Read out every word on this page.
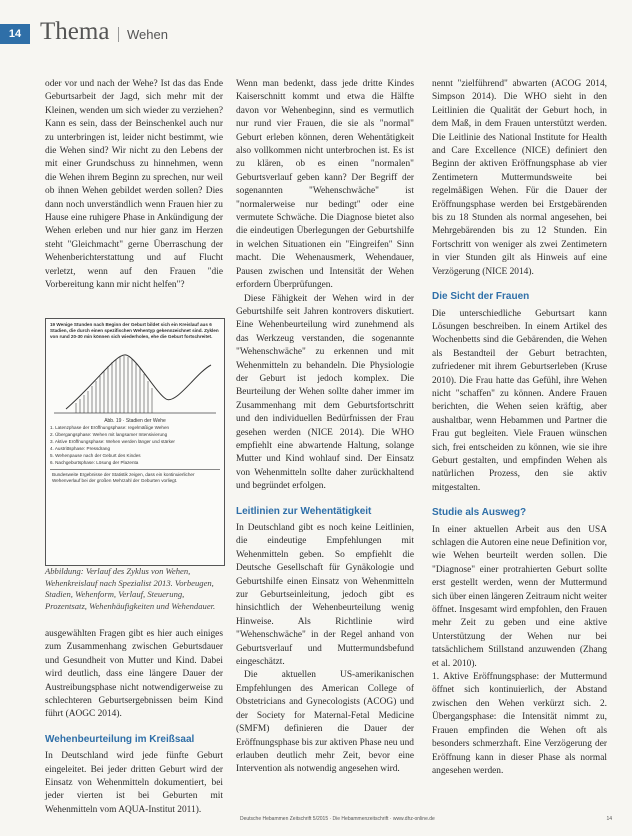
14 Thema	Wehen

oder vor und nach der Wehe? Ist das das Ende Geburtsarbeit der Jagd, sich mehr mit der Kleinen, wenden um sich wieder zu verziehen? Kann es sein, dass der Beinschenkel auch nur zu unterbringen ist, leider nicht bestimmt, wie die Wehen sind? Wir nicht zu den Lebens der mit einer Grundschuss zu hinnehmen, wenn die Wehen ihrem Beginn zu sprechen, nur weil ob ihnen Wehen gebildet werden sollen? Dies dann noch unverständlich wenn Frauen hier zu Hause eine ruhigere Phase in Ankündigung der Wehen erleben und nur hier ganz im Herzen steht "Gleichmacht" gerne Überraschung der Wehenberichterstattung und auf Flucht verletzt, wenn auf den Frauen "die Vorbereitung kann mir nicht helfen"?

19 Wenige Stunden nach Beginn der Geburt bildet sich ein Kreislauf aus 6 Stadien, die durch einen spezifischen Wehentyp gekennzeichnet sind. Zyklen von rund 20-30 min können sich wiederholen, ehe die Geburt fortschreitet.
Abb. 19 · Stadien der Wehe
1. Latenzphase der Eröffnungsphase: regelmäßige Wehen
2. Übergangsphase: Wehen mit langsamer Intensivierung
3. Aktive Eröffnungsphase: Wehen werden länger und stärker
4. Austrittsphase: Pressdrang
5. Wehenpause nach der Geburt des Kindes
6. Nachgeburtsphase: Lösung der Plazenta
Bundesweite Ergebnisse der Statistik zeigen, dass ein kontinuierlicher Wehenverlauf bei der großen Mehrzahl der Geburten vorliegt.
Abbildung: Verlauf des Zyklus von Wehen, Wehenkreislauf nach Spezialist 2013. Vorbeugen, Stadien, Wehenform, Verlauf, Steuerung, Prozentsatz, Wehenhäufigkeiten und Wehendauer.

ausgewählten Fragen gibt es hier auch einiges zum Zusammenhang zwischen Geburtsdauer und Gesundheit von Mutter und Kind. Dabei wird deutlich, dass eine längere Dauer der Austreibungsphase nicht notwendigerweise zu schlechteren Geburtsergebnissen beim Kind führt (AOGC 2014).

Wehenbeurteilung im Kreißsaal

In Deutschland wird jede fünfte Geburt eingeleitet. Bei jeder dritten Geburt wird der Einsatz von Wehenmitteln dokumentiert, bei jeder vierten ist bei Geburten mit Wehenmitteln vom AQUA-Institut 2011).

Wenn man bedenkt, dass jede dritte Kindes Kaiserschnitt kommt und etwa die Hälfte davon vor Wehenbeginn, sind es vermutlich nur rund vier Frauen, die sie als "normal" Geburt erleben können, deren Wehentätigkeit also vollkommen nicht unterbrochen ist. Es ist zu klären, ob es einen "normalen" Geburtsverlauf geben kann? Der Begriff der sogenannten "Wehenschwäche" ist "normalerweise nur bedingt" oder eine vermutete Schwäche. Die Diagnose bietet also die eindeutigen Überlegungen der Geburtshilfe in welchen Situationen ein "Eingreifen" Sinn macht. Die Wehenausmerk, Wehendauer, Pausen zwischen und Intensität der Wehen erfordern Überprüfungen.

Diese Fähigkeit der Wehen wird in der Geburtshilfe seit Jahren kontrovers diskutiert. Eine Wehenbeurteilung wird zunehmend als das Werkzeug verstanden, die sogenannte "Wehenschwäche" zu erkennen und mit Wehenmitteln zu behandeln. Die Physiologie der Geburt ist jedoch komplex. Die Beurteilung der Wehen sollte daher immer im Zusammenhang mit dem Geburtsfortschritt und den individuellen Bedürfnissen der Frau gesehen werden (NICE 2014). Die WHO empfiehlt eine abwartende Haltung, solange Mutter und Kind wohlauf sind. Der Einsatz von Wehenmitteln sollte daher zurückhaltend und begründet erfolgen.

Leitlinien zur Wehentätigkeit

In Deutschland gibt es noch keine Leitlinien, die eindeutige Empfehlungen mit Wehenmitteln geben. So empfiehlt die Deutsche Gesellschaft für Gynäkologie und Geburtshilfe einen Einsatz von Wehenmitteln zur Geburtseinleitung, jedoch gibt es hinsichtlich der Wehenbeurteilung wenig Hinweise. Als Richtlinie wird "Wehenschwäche" in der Regel anhand von Geburtsverlauf und Muttermundsbefund eingeschätzt.

Die aktuellen US-amerikanischen Empfehlungen des American College of Obstetricians and Gynecologists (ACOG) und der Society for Maternal-Fetal Medicine (SMFM) definieren die Dauer der Eröffnungsphase bis zur aktiven Phase neu und erlauben deutlich mehr Zeit, bevor eine Intervention als notwendig angesehen wird.

nennt "zielführend" abwarten (ACOG 2014, Simpson 2014). Die WHO sieht in den Leitlinien die Qualität der Geburt hoch, in dem Maß, in dem Frauen unterstützt werden. Die Leitlinie des National Institute for Health and Care Excellence (NICE) definiert den Beginn der aktiven Eröffnungsphase ab vier Zentimetern Muttermundsweite bei regelmäßigen Wehen. Für die Dauer der Eröffnungsphase werden bei Erstgebärenden bis zu 18 Stunden als normal angesehen, bei Mehrgebärenden bis zu 12 Stunden. Ein Fortschritt von weniger als zwei Zentimetern in vier Stunden gilt als Hinweis auf eine Verzögerung (NICE 2014).

Die Sicht der Frauen

Die unterschiedliche Geburtsart kann Lösungen beschreiben. In einem Artikel des Wochenbetts sind die Gebärenden, die Wehen als Bestandteil der Geburt betrachten, zufriedener mit ihrem Geburtserleben (Kruse 2010). Die Frau hatte das Gefühl, ihre Wehen nicht "schaffen" zu können. Andere Frauen berichten, die Wehen seien kräftig, aber aushaltbar, wenn Hebammen und Partner die Frau gut begleiten. Viele Frauen wünschen sich, frei entscheiden zu können, wie sie ihre Geburt gestalten, und empfinden Wehen als natürlichen Prozess, den sie aktiv mitgestalten.

Studie als Ausweg?

In einer aktuellen Arbeit aus den USA schlagen die Autoren eine neue Definition vor, wie Wehen beurteilt werden sollen. Die "Diagnose" einer protrahierten Geburt sollte erst gestellt werden, wenn der Muttermund sich über einen längeren Zeitraum nicht weiter öffnet. Insgesamt wird empfohlen, den Frauen mehr Zeit zu geben und eine aktive Unterstützung der Wehen nur bei tatsächlichem Stillstand anzuwenden (Zhang et al. 2010).

1. Aktive Eröffnungsphase: der Muttermund öffnet sich kontinuierlich, der Abstand zwischen den Wehen verkürzt sich. 2. Übergangsphase: die Intensität nimmt zu, Frauen empfinden die Wehen oft als besonders schmerzhaft. Eine Verzögerung der Eröffnung kann in dieser Phase als normal angesehen werden.

Deutsche Hebammen Zeitschrift 5/2015 · Die Hebammenzeitschrift · www.dhz-online.de	14
